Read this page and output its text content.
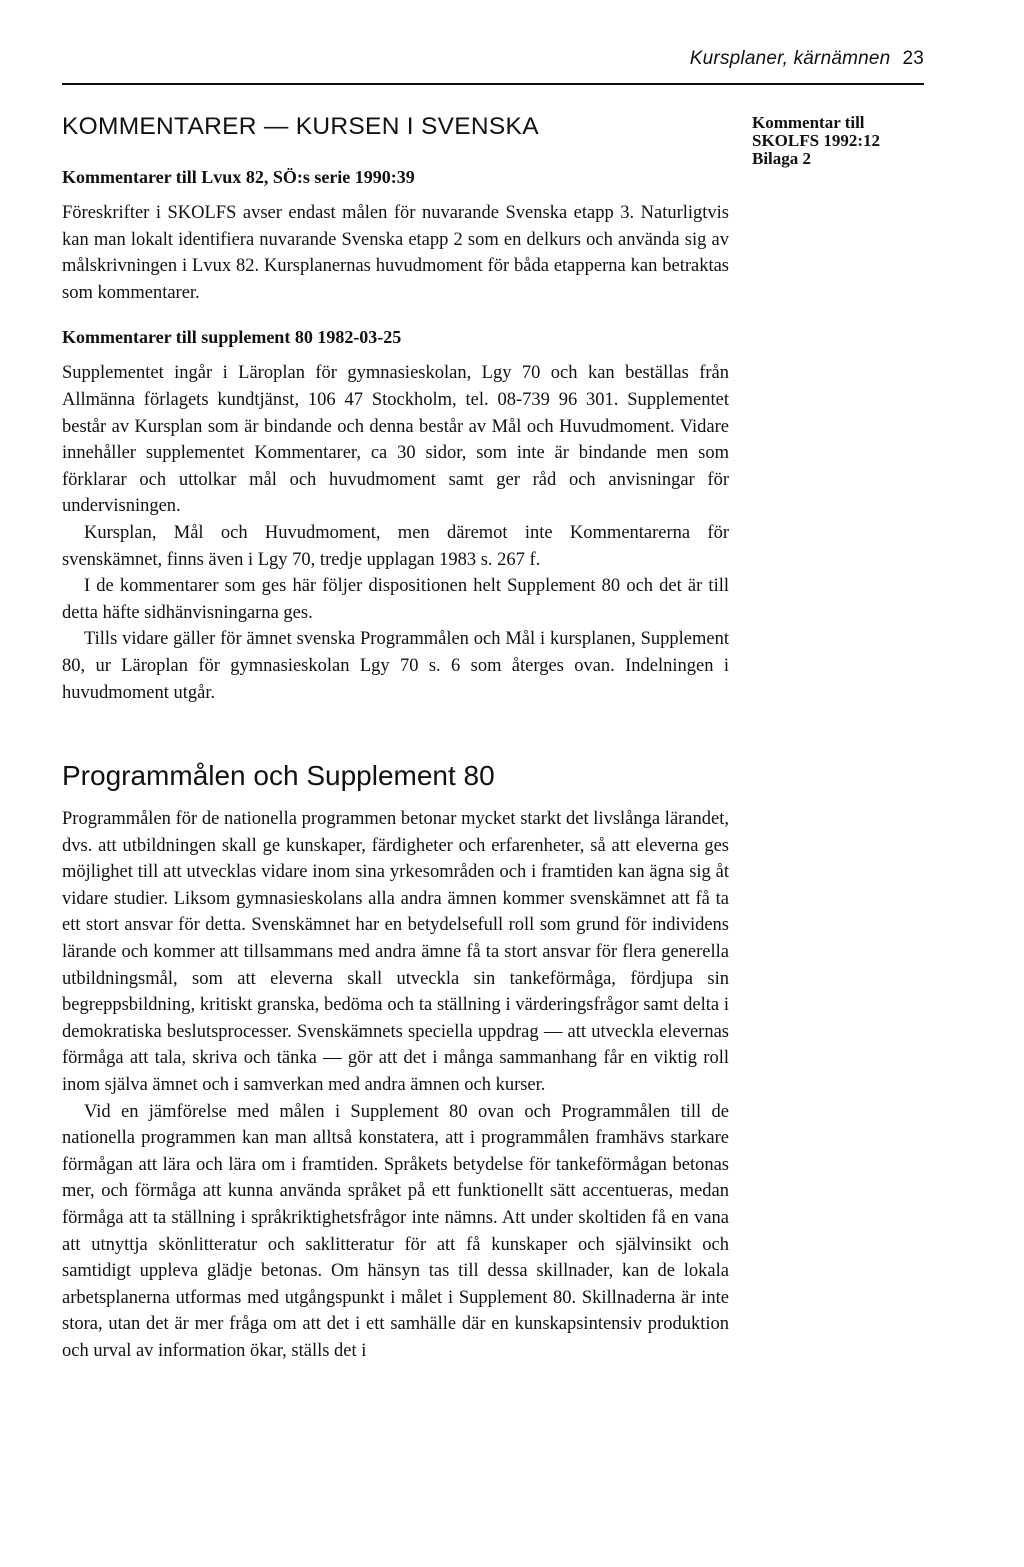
Kursplaner, kärnämnen 23
Kommentar till
SKOLFS 1992:12
Bilaga 2
KOMMENTARER — KURSEN I SVENSKA
Kommentarer till Lvux 82, SÖ:s serie 1990:39

Föreskrifter i SKOLFS avser endast målen för nuvarande Svenska etapp 3. Naturligtvis kan man lokalt identifiera nuvarande Svenska etapp 2 som en delkurs och använda sig av målskrivningen i Lvux 82. Kursplanernas huvudmoment för båda etapperna kan betraktas som kommentarer.

Kommentarer till supplement 80 1982-03-25

Supplementet ingår i Läroplan för gymnasieskolan, Lgy 70 och kan beställas från Allmänna förlagets kundtjänst, 106 47 Stockholm, tel. 08-739 96 301. Supplementet består av Kursplan som är bindande och denna består av Mål och Huvudmoment. Vidare innehåller supplementet Kommentarer, ca 30 sidor, som inte är bindande men som förklarar och uttolkar mål och huvudmoment samt ger råd och anvisningar för undervisningen.

Kursplan, Mål och Huvudmoment, men däremot inte Kommentarerna för svenskämnet, finns även i Lgy 70, tredje upplagan 1983 s. 267 f.

I de kommentarer som ges här följer dispositionen helt Supplement 80 och det är till detta häfte sidhänvisningarna ges.

Tills vidare gäller för ämnet svenska Programmålen och Mål i kursplanen, Supplement 80, ur Läroplan för gymnasieskolan Lgy 70 s. 6 som återges ovan. Indelningen i huvudmoment utgår.

Programmålen och Supplement 80

Programmålen för de nationella programmen betonar mycket starkt det livslånga lärandet, dvs. att utbildningen skall ge kunskaper, färdigheter och erfarenheter, så att eleverna ges möjlighet till att utvecklas vidare inom sina yrkesområden och i framtiden kan ägna sig åt vidare studier. Liksom gymnasieskolans alla andra ämnen kommer svenskämnet att få ta ett stort ansvar för detta. Svenskämnet har en betydelsefull roll som grund för individens lärande och kommer att tillsammans med andra ämne få ta stort ansvar för flera generella utbildningsmål, som att eleverna skall utveckla sin tankeförmåga, fördjupa sin begreppsbildning, kritiskt granska, bedöma och ta ställning i värderingsfrågor samt delta i demokratiska beslutsprocesser. Svenskämnets speciella uppdrag — att utveckla elevernas förmåga att tala, skriva och tänka — gör att det i många sammanhang får en viktig roll inom själva ämnet och i samverkan med andra ämnen och kurser.

Vid en jämförelse med målen i Supplement 80 ovan och Programmålen till de nationella programmen kan man alltså konstatera, att i programmålen framhävs starkare förmågan att lära och lära om i framtiden. Språkets betydelse för tankeförmågan betonas mer, och förmåga att kunna använda språket på ett funktionellt sätt accentueras, medan förmåga att ta ställning i språkriktighetsfrågor inte nämns. Att under skoltiden få en vana att utnyttja skönlitteratur och saklitteratur för att få kunskaper och självinsikt och samtidigt uppleva glädje betonas. Om hänsyn tas till dessa skillnader, kan de lokala arbetsplanerna utformas med utgångspunkt i målet i Supplement 80. Skillnaderna är inte stora, utan det är mer fråga om att det i ett samhälle där en kunskapsintensiv produktion och urval av information ökar, ställs det i
